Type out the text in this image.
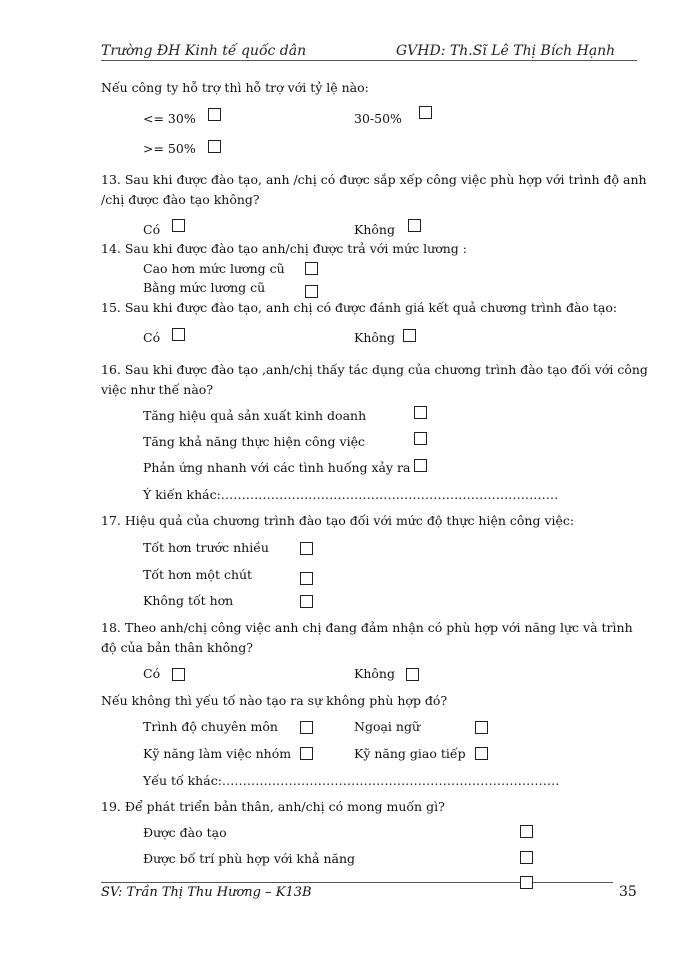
Trường ĐH Kinh tế quốc dân	GVHD: Th.Sĩ Lê Thị Bích Hạnh
Nếu công ty hỗ trợ thì hỗ trợ với tỷ lệ nào:
<= 30%	30-50%
>= 50%
13. Sau khi được đào tạo, anh /chị có được sắp xếp công việc phù hợp với trình độ anh
/chị được đào tạo không?
Có	Không
14. Sau khi được đào tạo anh/chị được trả với mức lương :
Cao hơn mức lương cũ
Bằng mức lương cũ
15. Sau khi được đào tạo, anh chị có được đánh giá kết quả chương trình đào tạo:
Có	Không
16. Sau khi được đào tạo ,anh/chị thấy tác dụng của chương trình đào tạo đối với công
việc như thế nào?
Tăng hiệu quả sản xuất kinh doanh
Tăng khả năng thực hiện công việc
Phản ứng nhanh với các tình huống xảy ra
Ý kiến khác:………………………………………………………………………
17. Hiệu quả của chương trình đào tạo đối với mức độ thực hiện công việc:
Tốt hơn trước nhiều
Tốt hơn một chút
Không tốt hơn
18. Theo anh/chị công việc anh chị đang đảm nhận có phù hợp với năng lực và trình
độ của bản thân không?
Có	Không
Nếu không thì yếu tố nào tạo ra sự không phù hợp đó?
Trình độ chuyên môn	Ngoại ngữ
Kỹ năng làm việc nhóm	Kỹ năng giao tiếp
Yếu tố khác:………………………………………………………………………
19. Để phát triển bản thân, anh/chị có mong muốn gì?
Được đào tạo
Được bố trí phù hợp với khả năng
SV: Trần Thị Thu Hương – K13B	35
